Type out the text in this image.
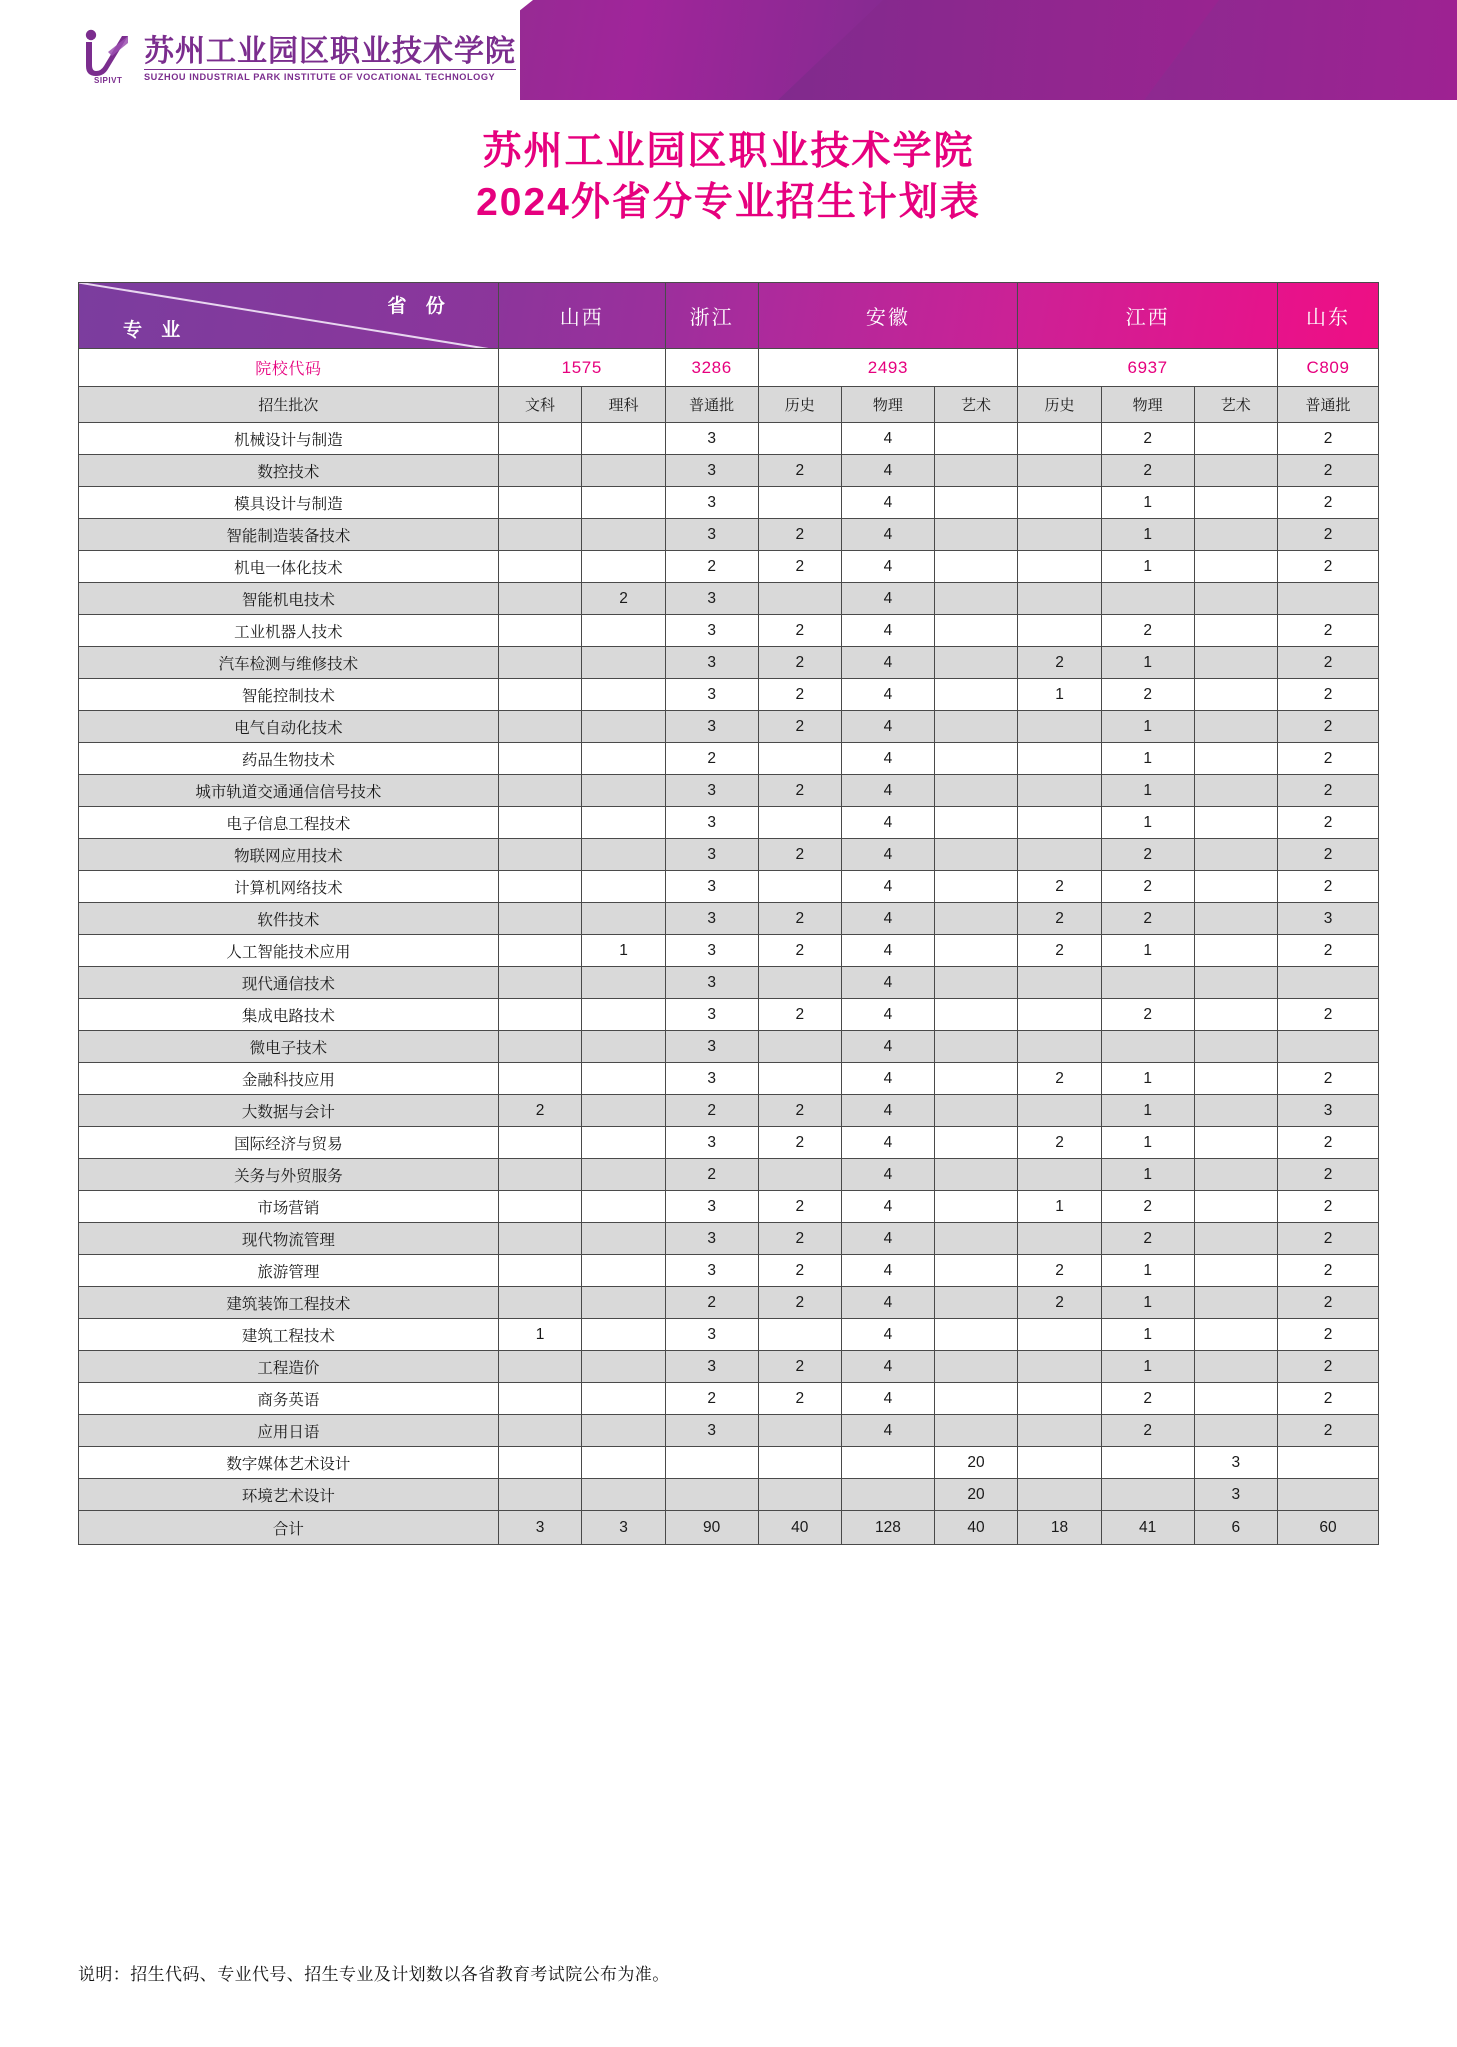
SIPIVT
苏州工业园区职业技术学院
SUZHOU INDUSTRIAL PARK INSTITUTE OF VOCATIONAL TECHNOLOGY
苏州工业园区职业技术学院
2024外省分专业招生计划表
省 份
专 业	山西		浙江	安徽			江西			山东
院校代码	1575		3286	2493			6937			C809
招生批次	文科	理科	普通批	历史	物理	艺术	历史	物理	艺术	普通批
机械设计与制造			3		4			2		2
数控技术			3	2	4			2		2
模具设计与制造			3		4			1		2
智能制造装备技术			3	2	4			1		2
机电一体化技术			2	2	4			1		2
智能机电技术		2	3		4					
工业机器人技术			3	2	4			2		2
汽车检测与维修技术			3	2	4		2	1		2
智能控制技术			3	2	4		1	2		2
电气自动化技术			3	2	4			1		2
药品生物技术			2		4			1		2
城市轨道交通通信信号技术			3	2	4			1		2
电子信息工程技术			3		4			1		2
物联网应用技术			3	2	4			2		2
计算机网络技术			3		4		2	2		2
软件技术			3	2	4		2	2		3
人工智能技术应用		1	3	2	4		2	1		2
现代通信技术			3		4					
集成电路技术			3	2	4			2		2
微电子技术			3		4					
金融科技应用			3		4		2	1		2
大数据与会计	2		2	2	4			1		3
国际经济与贸易			3	2	4		2	1		2
关务与外贸服务			2		4			1		2
市场营销			3	2	4		1	2		2
现代物流管理			3	2	4			2		2
旅游管理			3	2	4		2	1		2
建筑装饰工程技术			2	2	4		2	1		2
建筑工程技术	1		3		4			1		2
工程造价			3	2	4			1		2
商务英语			2	2	4			2		2
应用日语			3		4			2		2
数字媒体艺术设计						20			3	
环境艺术设计						20			3	
合计	3	3	90	40	128	40	18	41	6	60
说明：招生代码、专业代号、招生专业及计划数以各省教育考试院公布为准。
